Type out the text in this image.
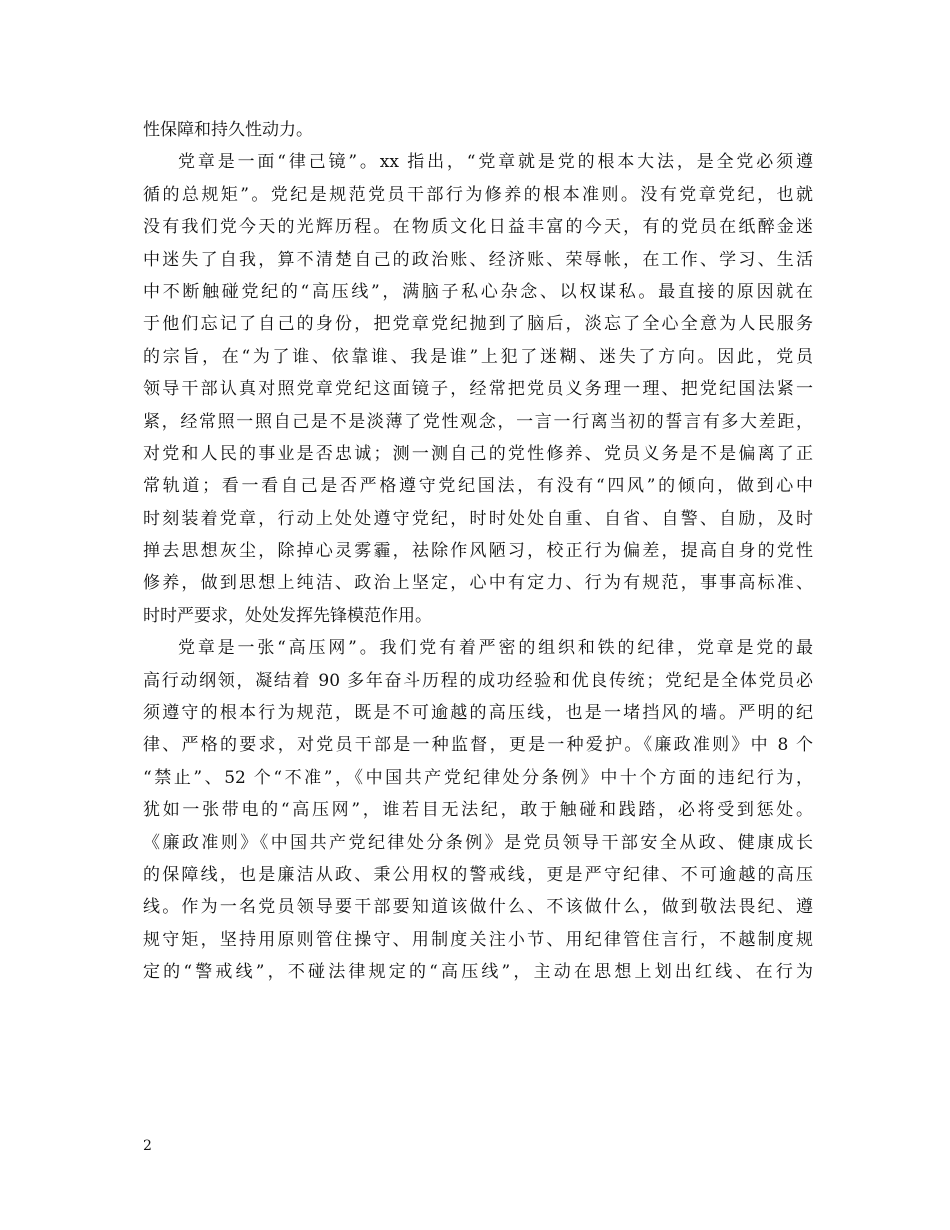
性保障和持久性动力。
党章是一面“律己镜”。xx 指出，“党章就是党的根本大法，是全党必须遵
循的总规矩”。党纪是规范党员干部行为修养的根本准则。没有党章党纪，也就
没有我们党今天的光辉历程。在物质文化日益丰富的今天，有的党员在纸醉金迷
中迷失了自我，算不清楚自己的政治账、经济账、荣辱帐，在工作、学习、生活
中不断触碰党纪的“高压线”，满脑子私心杂念、以权谋私。最直接的原因就在
于他们忘记了自己的身份，把党章党纪抛到了脑后，淡忘了全心全意为人民服务
的宗旨，在“为了谁、依靠谁、我是谁”上犯了迷糊、迷失了方向。因此，党员
领导干部认真对照党章党纪这面镜子，经常把党员义务理一理、把党纪国法紧一
紧，经常照一照自己是不是淡薄了党性观念，一言一行离当初的誓言有多大差距，
对党和人民的事业是否忠诚；测一测自己的党性修养、党员义务是不是偏离了正
常轨道；看一看自己是否严格遵守党纪国法，有没有“四风”的倾向，做到心中
时刻装着党章，行动上处处遵守党纪，时时处处自重、自省、自警、自励，及时
掸去思想灰尘，除掉心灵雾霾，祛除作风陋习，校正行为偏差，提高自身的党性
修养，做到思想上纯洁、政治上坚定，心中有定力、行为有规范，事事高标准、
时时严要求，处处发挥先锋模范作用。
党章是一张“高压网”。我们党有着严密的组织和铁的纪律，党章是党的最
高行动纲领，凝结着 90 多年奋斗历程的成功经验和优良传统；党纪是全体党员必
须遵守的根本行为规范，既是不可逾越的高压线，也是一堵挡风的墙。严明的纪
律、严格的要求，对党员干部是一种监督，更是一种爱护。《廉政准则》中 8 个
“禁止”、52 个“不准”，《中国共产党纪律处分条例》中十个方面的违纪行为，
犹如一张带电的“高压网”，谁若目无法纪，敢于触碰和践踏，必将受到惩处。
《廉政准则》《中国共产党纪律处分条例》是党员领导干部安全从政、健康成长
的保障线，也是廉洁从政、秉公用权的警戒线，更是严守纪律、不可逾越的高压
线。作为一名党员领导要干部要知道该做什么、不该做什么，做到敬法畏纪、遵
规守矩，坚持用原则管住操守、用制度关注小节、用纪律管住言行，不越制度规
定的“警戒线”，不碰法律规定的“高压线”，主动在思想上划出红线、在行为
2
